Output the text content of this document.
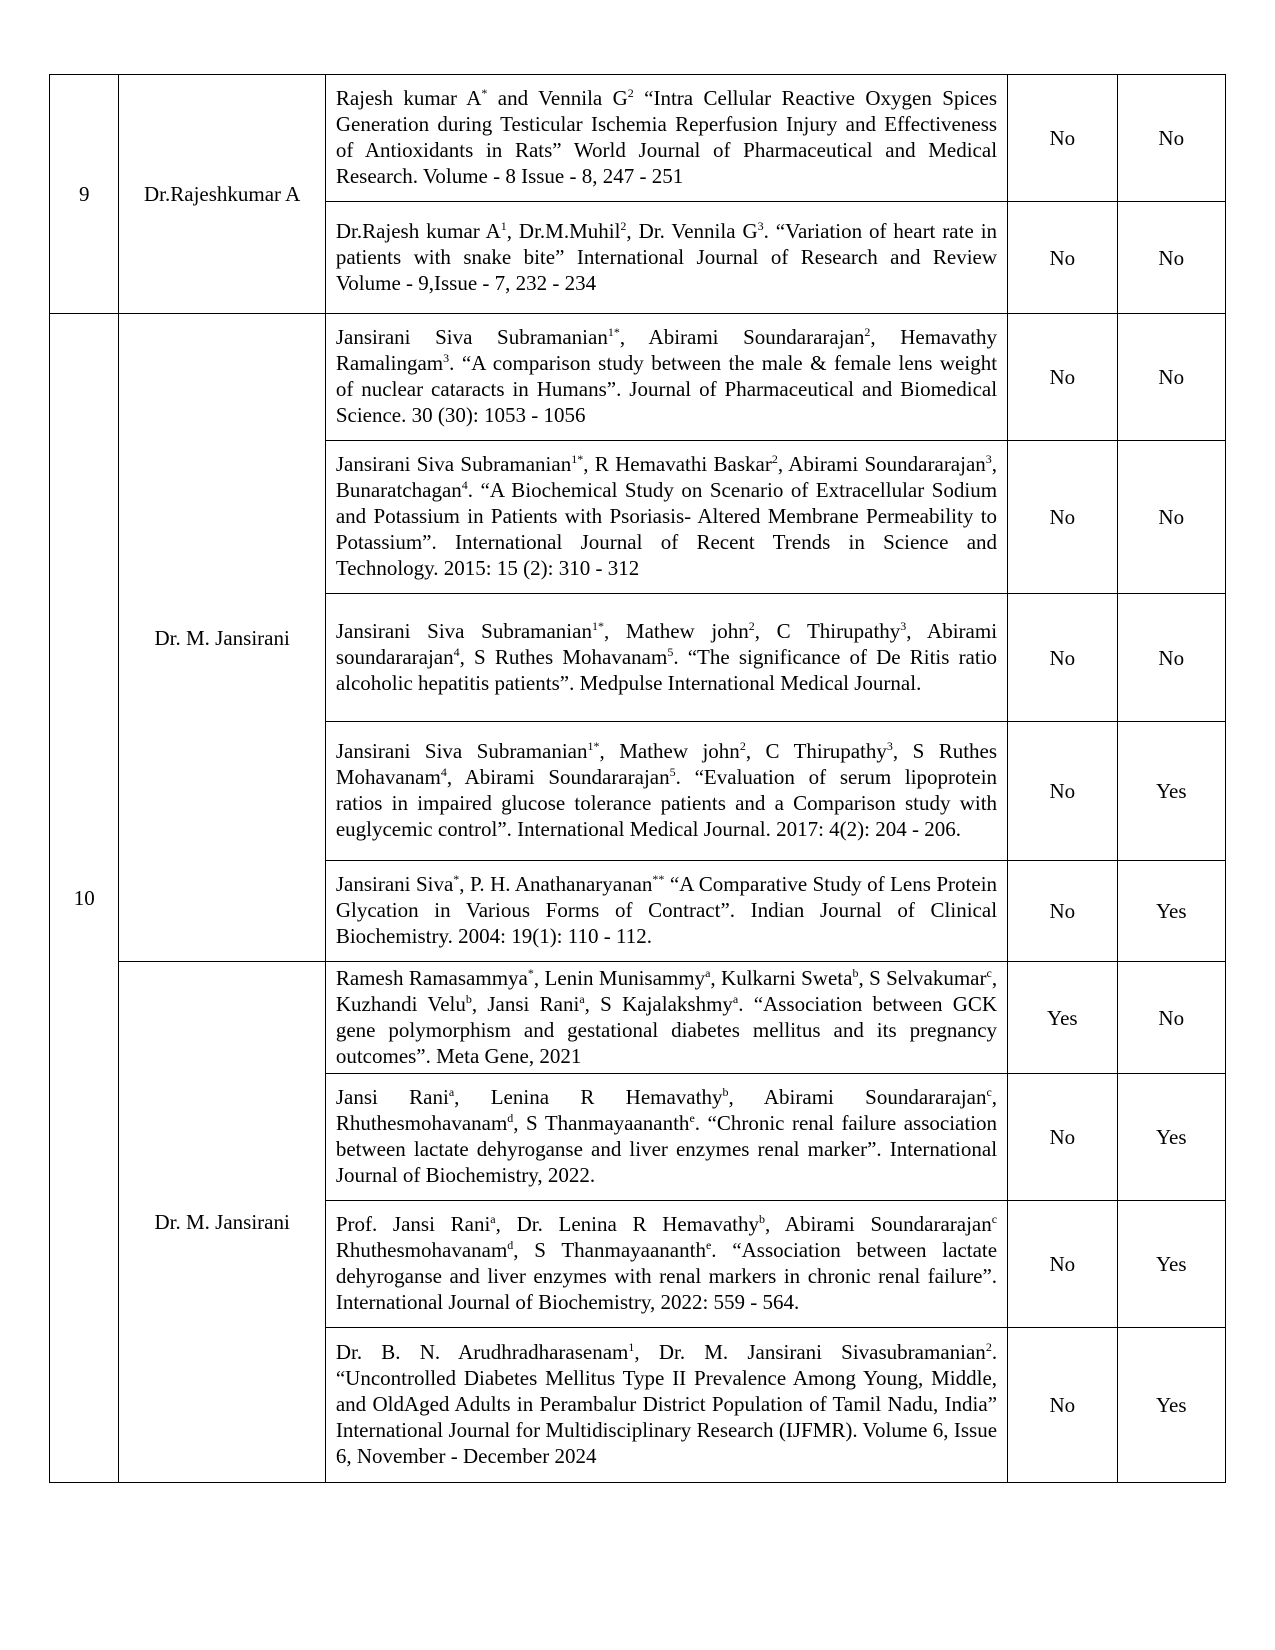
9	Dr.Rajeshkumar A	Rajesh kumar A* and Vennila $G^2$ “Intra Cellular Reactive Oxygen Spices Generation during Testicular Ischemia Reperfusion Injury and Effectiveness of Antioxidants in Rats” World Journal of Pharmaceutical and Medical Research. Volume - 8 Issue - 8, 247 - 251	No	No
		Dr.Rajesh kumar $A^1$, Dr.M.Muhil$^2$, Dr. Vennila $G^3$. “Variation of heart rate in patients with snake bite” International Journal of Research and Review Volume - 9,Issue - 7, 232 - 234	No	No
10	Dr. M. Jansirani	Jansirani Siva Subramanian$^{1*}$, Abirami Soundararajan$^2$, Hemavathy Ramalingam$^3$. “A comparison study between the male & female lens weight of nuclear cataracts in Humans”. Journal of Pharmaceutical and Biomedical Science. 30 (30): 1053 - 1056	No	No
		Jansirani Siva Subramanian$^{1*}$, R Hemavathi Baskar$^2$, Abirami Soundararajan$^3$, Bunaratchagan$^4$. “A Biochemical Study on Scenario of Extracellular Sodium and Potassium in Patients with Psoriasis- Altered Membrane Permeability to Potassium”. International Journal of Recent Trends in Science and Technology. 2015: 15 (2): 310 - 312	No	No
		Jansirani Siva Subramanian$^{1*}$, Mathew john$^2$, C Thirupathy$^3$, Abirami soundararajan$^4$, S Ruthes Mohavanam$^5$. “The significance of De Ritis ratio alcoholic hepatitis patients”. Medpulse International Medical Journal.	No	No
		Jansirani Siva Subramanian$^{1*}$, Mathew john$^2$, C Thirupathy$^3$, S Ruthes Mohavanam$^4$, Abirami Soundararajan$^5$. “Evaluation of serum lipoprotein ratios in impaired glucose tolerance patients and a Comparison study with euglycemic control”. International Medical Journal. 2017: 4(2): 204 - 206.	No	Yes
		Jansirani Siva*, P. H. Anathanaryanan** “A Comparative Study of Lens Protein Glycation in Various Forms of Contract”. Indian Journal of Clinical Biochemistry. 2004: 19(1): 110 - 112.	No	Yes
	Dr. M. Jansirani	Ramesh Ramasammya*, Lenin Munisammy$^a$, Kulkarni Sweta$^b$, S Selvakumar$^c$, Kuzhandi Velu$^b$, Jansi Rani$^a$, S Kajalakshmy$^a$. “Association between GCK gene polymorphism and gestational diabetes mellitus and its pregnancy outcomes”. Meta Gene, 2021	Yes	No
		Jansi Rani$^a$, Lenina R Hemavathy$^b$, Abirami Soundararajan$^c$, Rhuthesmohavanam$^d$, S Thanmayaananth$^e$. “Chronic renal failure association between lactate dehyroganse and liver enzymes renal marker”. International Journal of Biochemistry, 2022.	No	Yes
		Prof. Jansi Rani$^a$, Dr. Lenina R Hemavathy$^b$, Abirami Soundararajan$^c$ Rhuthesmohavanam$^d$, S Thanmayaananth$^e$. “Association between lactate dehyroganse and liver enzymes with renal markers in chronic renal failure”. International Journal of Biochemistry, 2022: 559 - 564.	No	Yes
		Dr. B. N. Arudhradharasenam$^1$, Dr. M. Jansirani Sivasubramanian$^2$. “Uncontrolled Diabetes Mellitus Type II Prevalence Among Young, Middle, and OldAged Adults in Perambalur District Population of Tamil Nadu, India” International Journal for Multidisciplinary Research (IJFMR). Volume 6, Issue 6, November - December 2024	No	Yes
